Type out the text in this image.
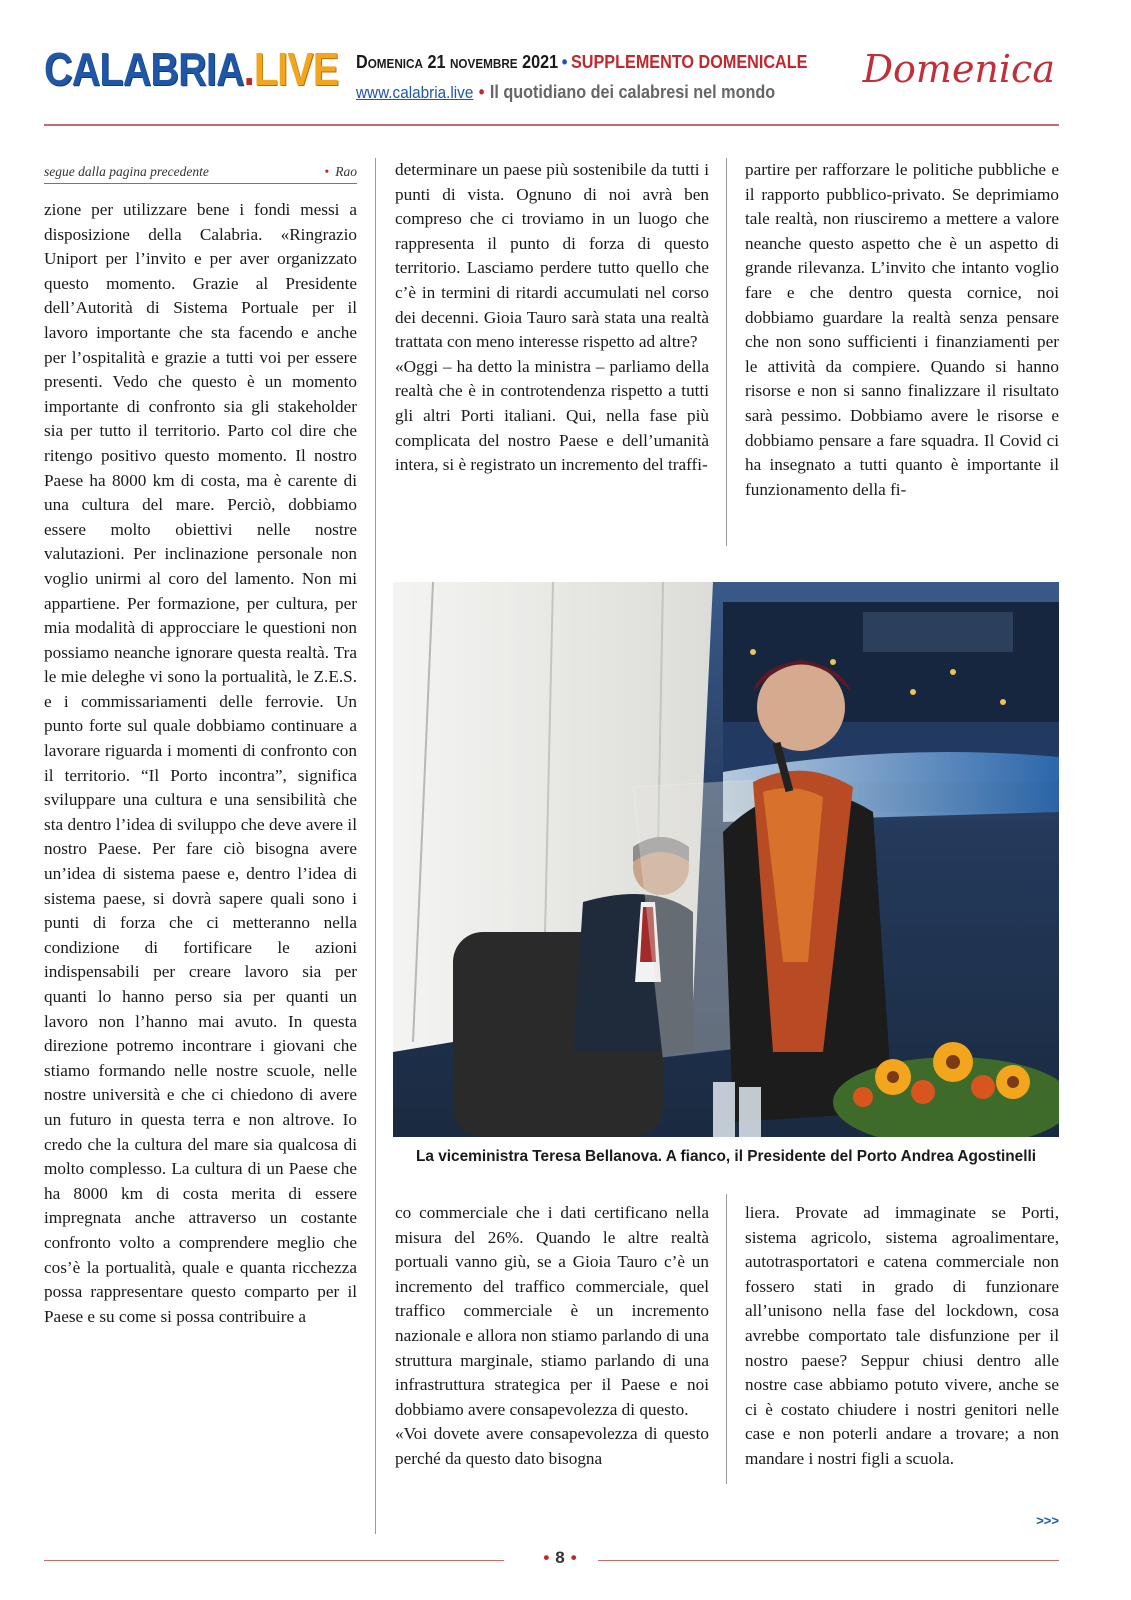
CALABRIA.LIVE Domenica 21 novembre 2021 • SUPPLEMENTO DOMENICALE
www.calabria.live • Il quotidiano dei calabresi nel mondo
Domenica
segue dalla pagina precedente	• Rao

zione per utilizzare bene i fondi messi a disposizione della Calabria. «Ringrazio Uniport per l’invito e per aver organizzato questo momento. Grazie al Presidente dell’Autorità di Sistema Portuale per il lavoro importante che sta facendo e anche per l’ospitalità e grazie a tutti voi per essere presenti. Vedo che questo è un momento importante di confronto sia gli stakeholder sia per tutto il territorio. Parto col dire che ritengo positivo questo momento. Il nostro Paese ha 8000 km di costa, ma è carente di una cultura del mare. Perciò, dobbiamo essere molto obiettivi nelle nostre valutazioni. Per inclinazione personale non voglio unirmi al coro del lamento. Non mi appartiene. Per formazione, per cultura, per mia modalità di approcciare le questioni non possiamo neanche ignorare questa realtà. Tra le mie deleghe vi sono la portualità, le Z.E.S. e i commissariamenti delle ferrovie. Un punto forte sul quale dobbiamo continuare a lavorare riguarda i momenti di confronto con il territorio. “Il Porto incontra”, significa sviluppare una cultura e una sensibilità che sta dentro l’idea di sviluppo che deve avere il nostro Paese. Per fare ciò bisogna avere un’idea di sistema paese e, dentro l’idea di sistema paese, si dovrà sapere quali sono i punti di forza che ci metteranno nella condizione di fortificare le azioni indispensabili per creare lavoro sia per quanti lo hanno perso sia per quanti un lavoro non l’hanno mai avuto. In questa direzione potremo incontrare i giovani che stiamo formando nelle nostre scuole, nelle nostre università e che ci chiedono di avere un futuro in questa terra e non altrove. Io credo che la cultura del mare sia qualcosa di molto complesso. La cultura di un Paese che ha 8000 km di costa merita di essere impregnata anche attraverso un costante confronto volto a comprendere meglio che cos’è la portualità, quale e quanta ricchezza possa rappresentare questo comparto per il Paese e su come si possa contribuire a

determinare un paese più sostenibile da tutti i punti di vista. Ognuno di noi avrà ben compreso che ci troviamo in un luogo che rappresenta il punto di forza di questo territorio. Lasciamo perdere tutto quello che c’è in termini di ritardi accumulati nel corso dei decenni. Gioia Tauro sarà stata una realtà trattata con meno interesse rispetto ad altre?

«Oggi – ha detto la ministra – parliamo della realtà che è in controtendenza rispetto a tutti gli altri Porti italiani. Qui, nella fase più complicata del nostro Paese e dell’umanità intera, si è registrato un incremento del traffi-

partire per rafforzare le politiche pubbliche e il rapporto pubblico-privato. Se deprimiamo tale realtà, non riusciremo a mettere a valore neanche questo aspetto che è un aspetto di grande rilevanza. L’invito che intanto voglio fare e che dentro questa cornice, noi dobbiamo guardare la realtà senza pensare che non sono sufficienti i finanziamenti per le attività da compiere. Quando si hanno risorse e non si sanno finalizzare il risultato sarà pessimo. Dobbiamo avere le risorse e dobbiamo pensare a fare squadra. Il Covid ci ha insegnato a tutti quanto è importante il funzionamento della fi-

La viceministra Teresa Bellanova. A fianco, il Presidente del Porto Andrea Agostinelli

co commerciale che i dati certificano nella misura del 26%. Quando le altre realtà portuali vanno giù, se a Gioia Tauro c’è un incremento del traffico commerciale, quel traffico commerciale è un incremento nazionale e allora non stiamo parlando di una struttura marginale, stiamo parlando di una infrastruttura strategica per il Paese e noi dobbiamo avere consapevolezza di questo.

«Voi dovete avere consapevolezza di questo perché da questo dato bisogna

liera. Provate ad immaginate se Porti, sistema agricolo, sistema agroalimentare, autotrasportatori e catena commerciale non fossero stati in grado di funzionare all’unisono nella fase del lockdown, cosa avrebbe comportato tale disfunzione per il nostro paese? Seppur chiusi dentro alle nostre case abbiamo potuto vivere, anche se ci è costato chiudere i nostri genitori nelle case e non poterli andare a trovare; a non mandare i nostri figli a scuola.

>>>
• 8 •
